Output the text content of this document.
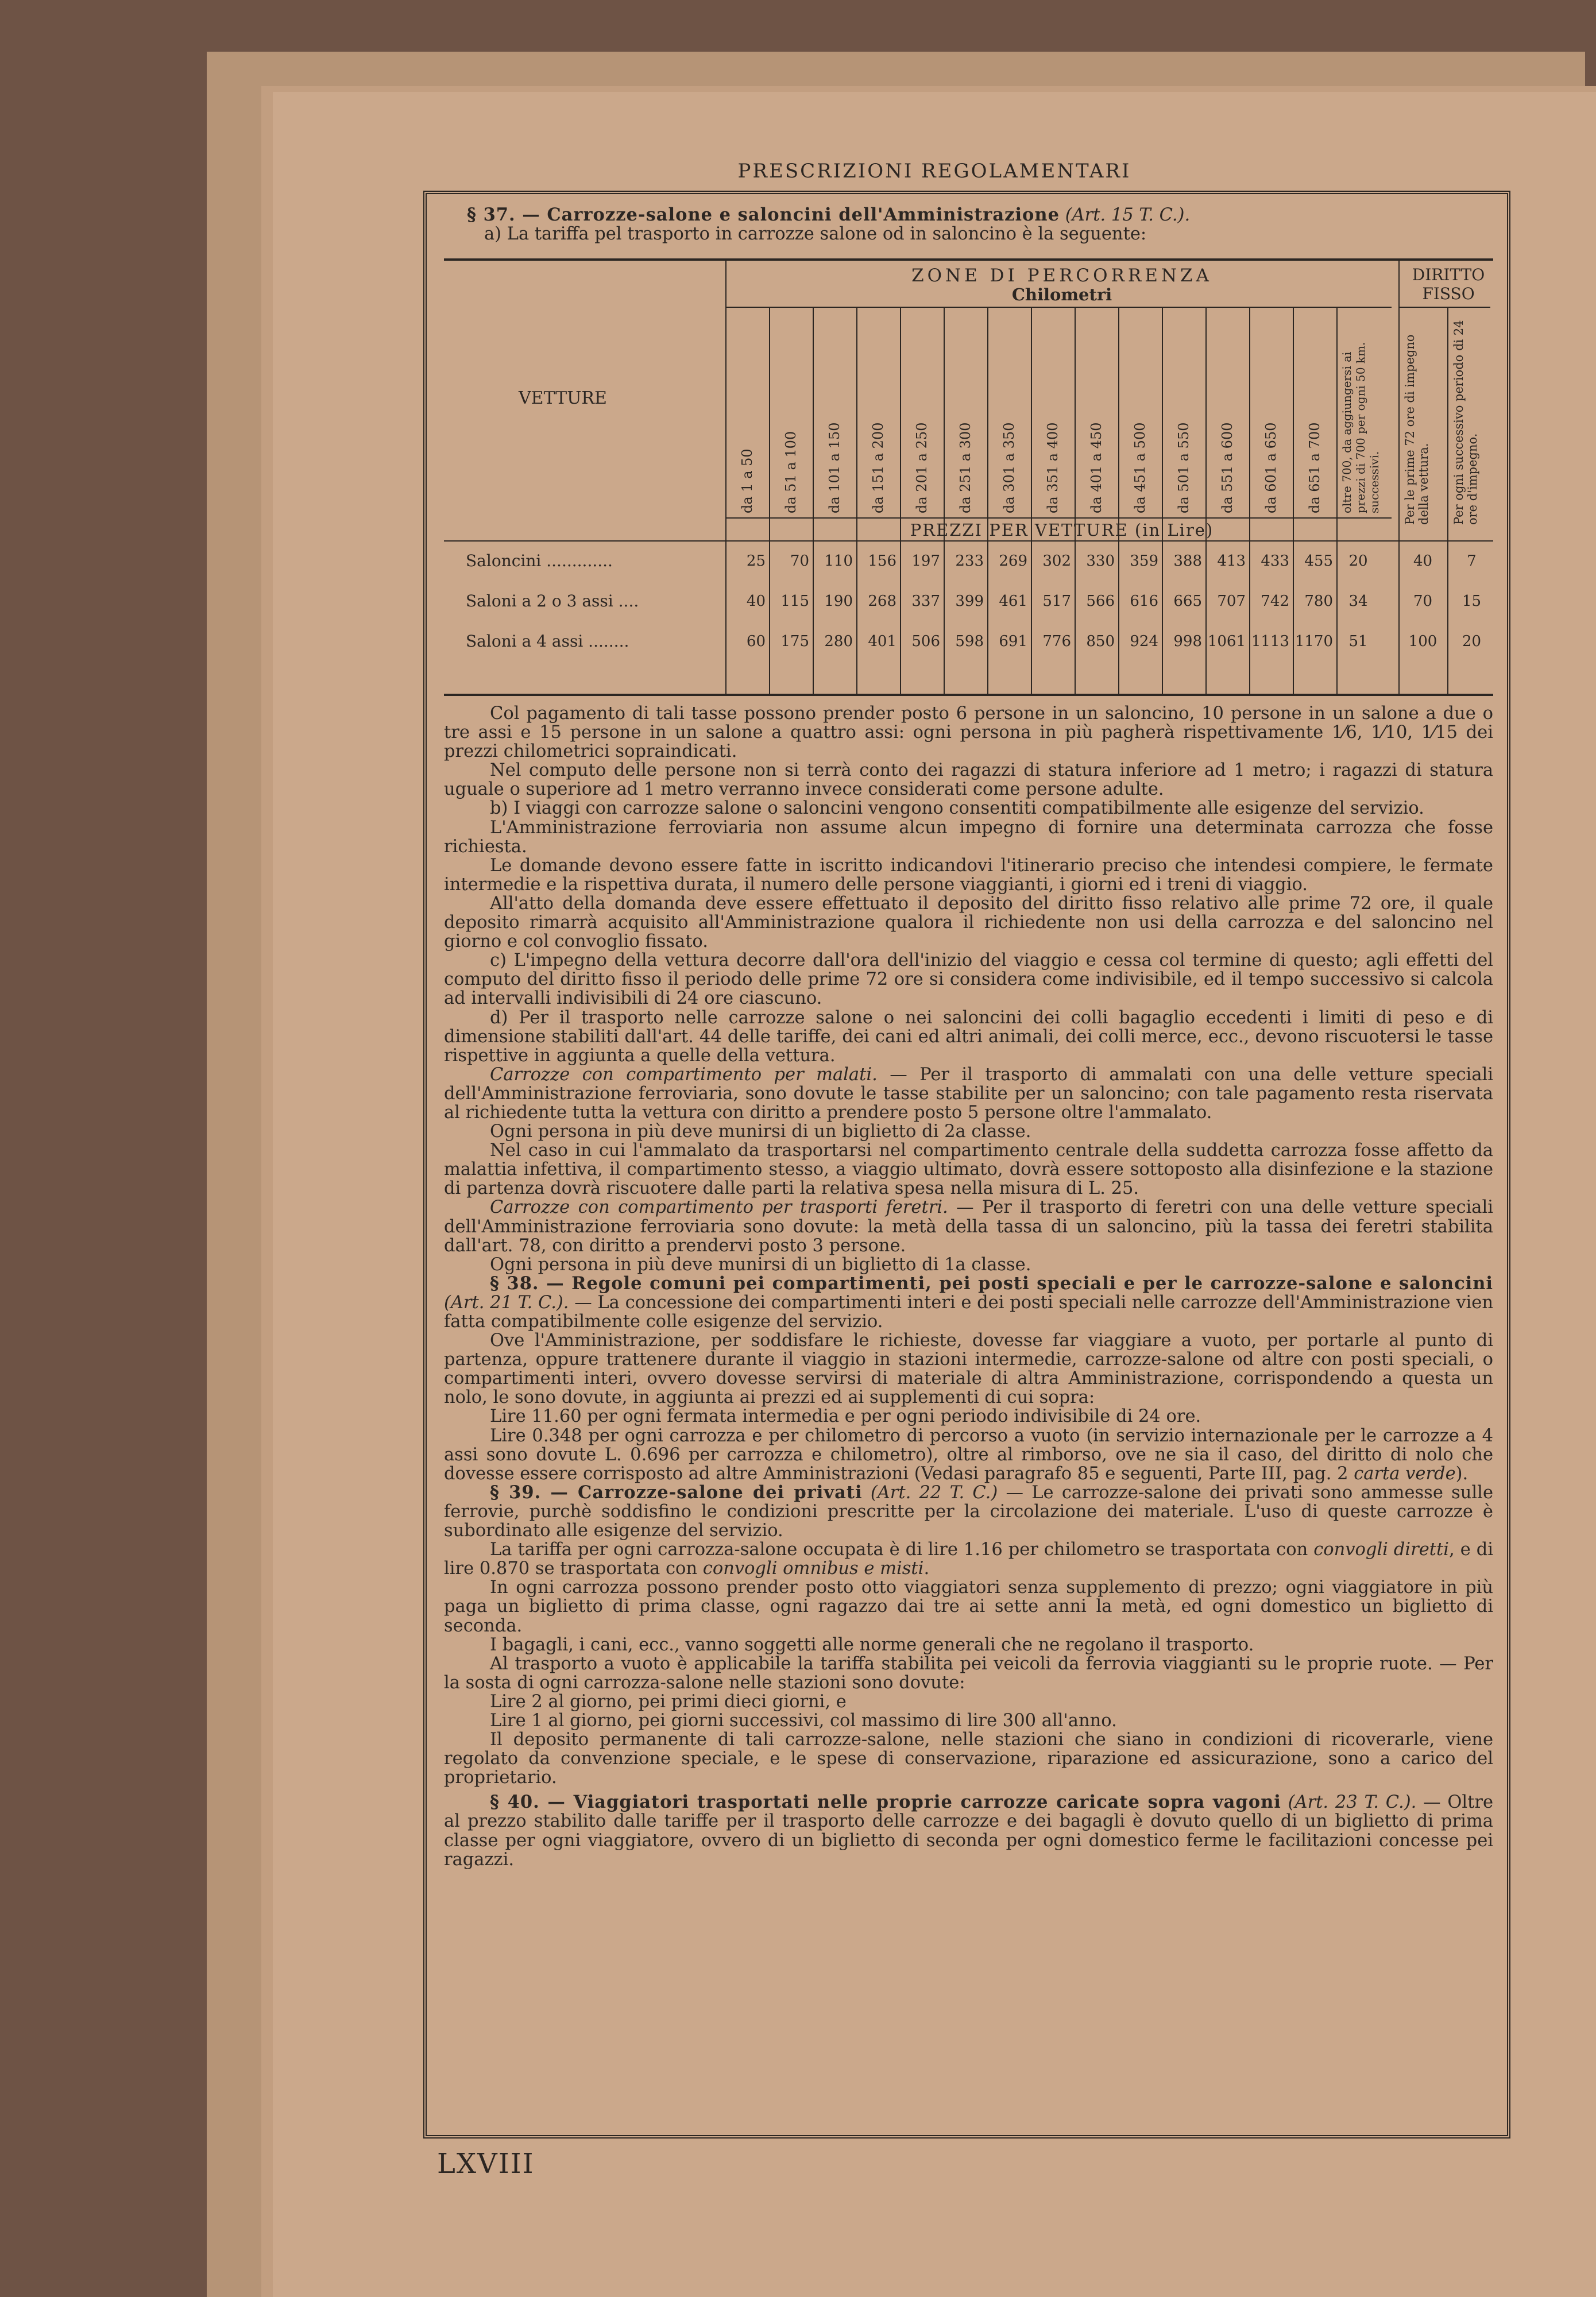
PRESCRIZIONI REGOLAMENTARI

§ 37. — Carrozze-salone e saloncini dell'Amministrazione (Art. 15 T. C.).

a) La tariffa pel trasporto in carrozze salone od in saloncino è la seguente:

VETTURE
ZONE DI PERCORRENZA
Chilometri
DIRITTO FISSO
PREZZI PER VETTURE (in Lire)
da 1 a 50 da 51 a 100 da 101 a 150 da 151 a 200 da 201 a 250 da 251 a 300 da 301 a 350 da 351 a 400 da 401 a 450 da 451 a 500 da 501 a 550 da 551 a 600 da 601 a 650 da 651 a 700 oltre 700, da aggiungersi ai prezzi di 700 per ogni 50 km. successivi. Per le prime 72 ore di impegno della vettura.	Per ogni successivo periodo di 24 ore d'impegno.
Saloncini .............	25	70	110	156	197	233	269	302	330	359	388	413	433	455	20	40	7
Saloni a 2 o 3 assi ....	40	115	190	268	337	399	461	517	566	616	665	707	742	780	34	70	15
Saloni a 4 assi ........	60	175	280	401	506	598	691	776	850	924	998 1061 1113 1170	51	100	20

Col pagamento di tali tasse possono prender posto 6 persone in un saloncino, 10 persone in un salone a due o tre assi e 15 persone in un salone a quattro assi: ogni persona in più pagherà rispettivamente 1⁄6, 1⁄10, 1⁄15 dei prezzi chilometrici sopraindicati.

Nel computo delle persone non si terrà conto dei ragazzi di statura inferiore ad 1 metro; i ragazzi di statura uguale o superiore ad 1 metro verranno invece considerati come persone adulte.

b) I viaggi con carrozze salone o saloncini vengono consentiti compatibilmente alle esigenze del servizio.

L'Amministrazione ferroviaria non assume alcun impegno di fornire una determinata carrozza che fosse richiesta.

Le domande devono essere fatte in iscritto indicandovi l'itinerario preciso che intendesi compiere, le fermate intermedie e la rispettiva durata, il numero delle persone viaggianti, i giorni ed i treni di viaggio.

All'atto della domanda deve essere effettuato il deposito del diritto fisso relativo alle prime 72 ore, il quale deposito rimarrà acquisito all'Amministrazione qualora il richiedente non usi della carrozza e del saloncino nel giorno e col convoglio fissato.

c) L'impegno della vettura decorre dall'ora dell'inizio del viaggio e cessa col termine di questo; agli effetti del computo del diritto fisso il periodo delle prime 72 ore si considera come indivisibile, ed il tempo successivo si calcola ad intervalli indivisibili di 24 ore ciascuno.

d) Per il trasporto nelle carrozze salone o nei saloncini dei colli bagaglio eccedenti i limiti di peso e di dimensione stabiliti dall'art. 44 delle tariffe, dei cani ed altri animali, dei colli merce, ecc., devono riscuotersi le tasse rispettive in aggiunta a quelle della vettura.

Carrozze con compartimento per malati. — Per il trasporto di ammalati con una delle vetture speciali dell'Amministrazione ferroviaria, sono dovute le tasse stabilite per un saloncino; con tale pagamento resta riservata al richiedente tutta la vettura con diritto a prendere posto 5 persone oltre l'ammalato.

Ogni persona in più deve munirsi di un biglietto di 2a classe.

Nel caso in cui l'ammalato da trasportarsi nel compartimento centrale della suddetta carrozza fosse affetto da malattia infettiva, il compartimento stesso, a viaggio ultimato, dovrà essere sottoposto alla disinfezione e la stazione di partenza dovrà riscuotere dalle parti la relativa spesa nella misura di L. 25.

Carrozze con compartimento per trasporti feretri. — Per il trasporto di feretri con una delle vetture speciali dell'Amministrazione ferroviaria sono dovute: la metà della tassa di un saloncino, più la tassa dei feretri stabilita dall'art. 78, con diritto a prendervi posto 3 persone.

Ogni persona in più deve munirsi di un biglietto di 1a classe.

§ 38. — Regole comuni pei compartimenti, pei posti speciali e per le carrozze-salone e saloncini (Art. 21 T. C.). — La concessione dei compartimenti interi e dei posti speciali nelle carrozze dell'Amministrazione vien fatta compatibilmente colle esigenze del servizio.

Ove l'Amministrazione, per soddisfare le richieste, dovesse far viaggiare a vuoto, per portarle al punto di partenza, oppure trattenere durante il viaggio in stazioni intermedie, carrozze-salone od altre con posti speciali, o compartimenti interi, ovvero dovesse servirsi di materiale di altra Amministrazione, corrispondendo a questa un nolo, le sono dovute, in aggiunta ai prezzi ed ai supplementi di cui sopra:

Lire 11.60 per ogni fermata intermedia e per ogni periodo indivisibile di 24 ore.

Lire 0.348 per ogni carrozza e per chilometro di percorso a vuoto (in servizio internazionale per le carrozze a 4 assi sono dovute L. 0.696 per carrozza e chilometro), oltre al rimborso, ove ne sia il caso, del diritto di nolo che dovesse essere corrisposto ad altre Amministrazioni (Vedasi paragrafo 85 e seguenti, Parte III, pag. 2 carta verde).

§ 39. — Carrozze-salone dei privati (Art. 22 T. C.) — Le carrozze-salone dei privati sono ammesse sulle ferrovie, purchè soddisfino le condizioni prescritte per la circolazione dei materiale. L'uso di queste carrozze è subordinato alle esigenze del servizio.

La tariffa per ogni carrozza-salone occupata è di lire 1.16 per chilometro se trasportata con convogli diretti, e di lire 0.870 se trasportata con convogli omnibus e misti.

In ogni carrozza possono prender posto otto viaggiatori senza supplemento di prezzo; ogni viaggiatore in più paga un biglietto di prima classe, ogni ragazzo dai tre ai sette anni la metà, ed ogni domestico un biglietto di seconda.

I bagagli, i cani, ecc., vanno soggetti alle norme generali che ne regolano il trasporto.

Al trasporto a vuoto è applicabile la tariffa stabilita pei veicoli da ferrovia viaggianti su le proprie ruote. — Per la sosta di ogni carrozza-salone nelle stazioni sono dovute:

Lire 2 al giorno, pei primi dieci giorni, e

Lire 1 al giorno, pei giorni successivi, col massimo di lire 300 all'anno.

Il deposito permanente di tali carrozze-salone, nelle stazioni che siano in condizioni di ricoverarle, viene regolato da convenzione speciale, e le spese di conservazione, riparazione ed assicurazione, sono a carico del proprietario.

§ 40. — Viaggiatori trasportati nelle proprie carrozze caricate sopra vagoni (Art. 23 T. C.). — Oltre al prezzo stabilito dalle tariffe per il trasporto delle carrozze e dei bagagli è dovuto quello di un biglietto di prima classe per ogni viaggiatore, ovvero di un biglietto di seconda per ogni domestico ferme le facilitazioni concesse pei ragazzi.

LXVIII
